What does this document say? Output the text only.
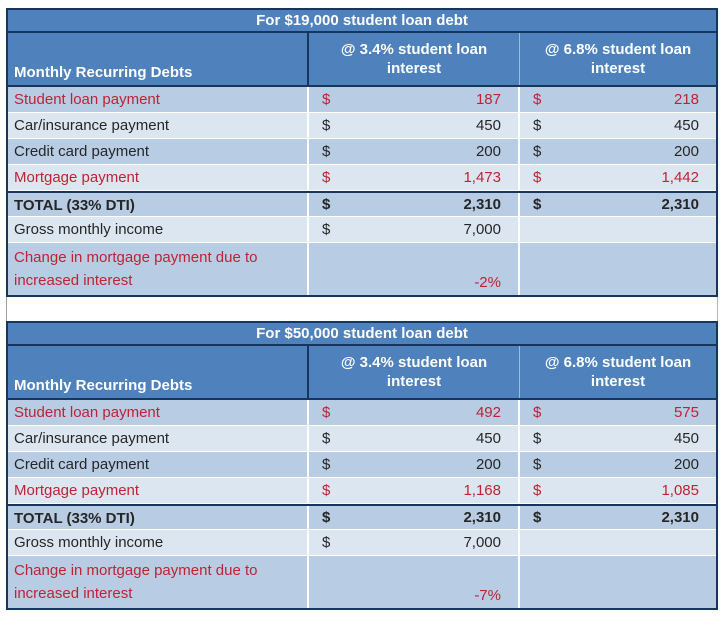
For $19,000 student loan debt
Monthly Recurring Debts
@ 3.4% student loan interest
@ 6.8% student loan interest
Student loan payment	$	187 $	218
Car/insurance payment	$	450 $	450
Credit card payment	$	200 $	200
Mortgage payment	$	1,473 $	1,442
TOTAL (33% DTI)	$	2,310 $	2,310
Gross monthly income	$	7,000
Change in mortgage payment due to increased interest	-2%
For $50,000 student loan debt
Monthly Recurring Debts
@ 3.4% student loan interest
@ 6.8% student loan interest
Student loan payment	$	492 $	575
Car/insurance payment	$	450 $	450
Credit card payment	$	200 $	200
Mortgage payment	$	1,168 $	1,085
TOTAL (33% DTI)	$	2,310 $	2,310
Gross monthly income	$	7,000
Change in mortgage payment due to increased interest	-7%
